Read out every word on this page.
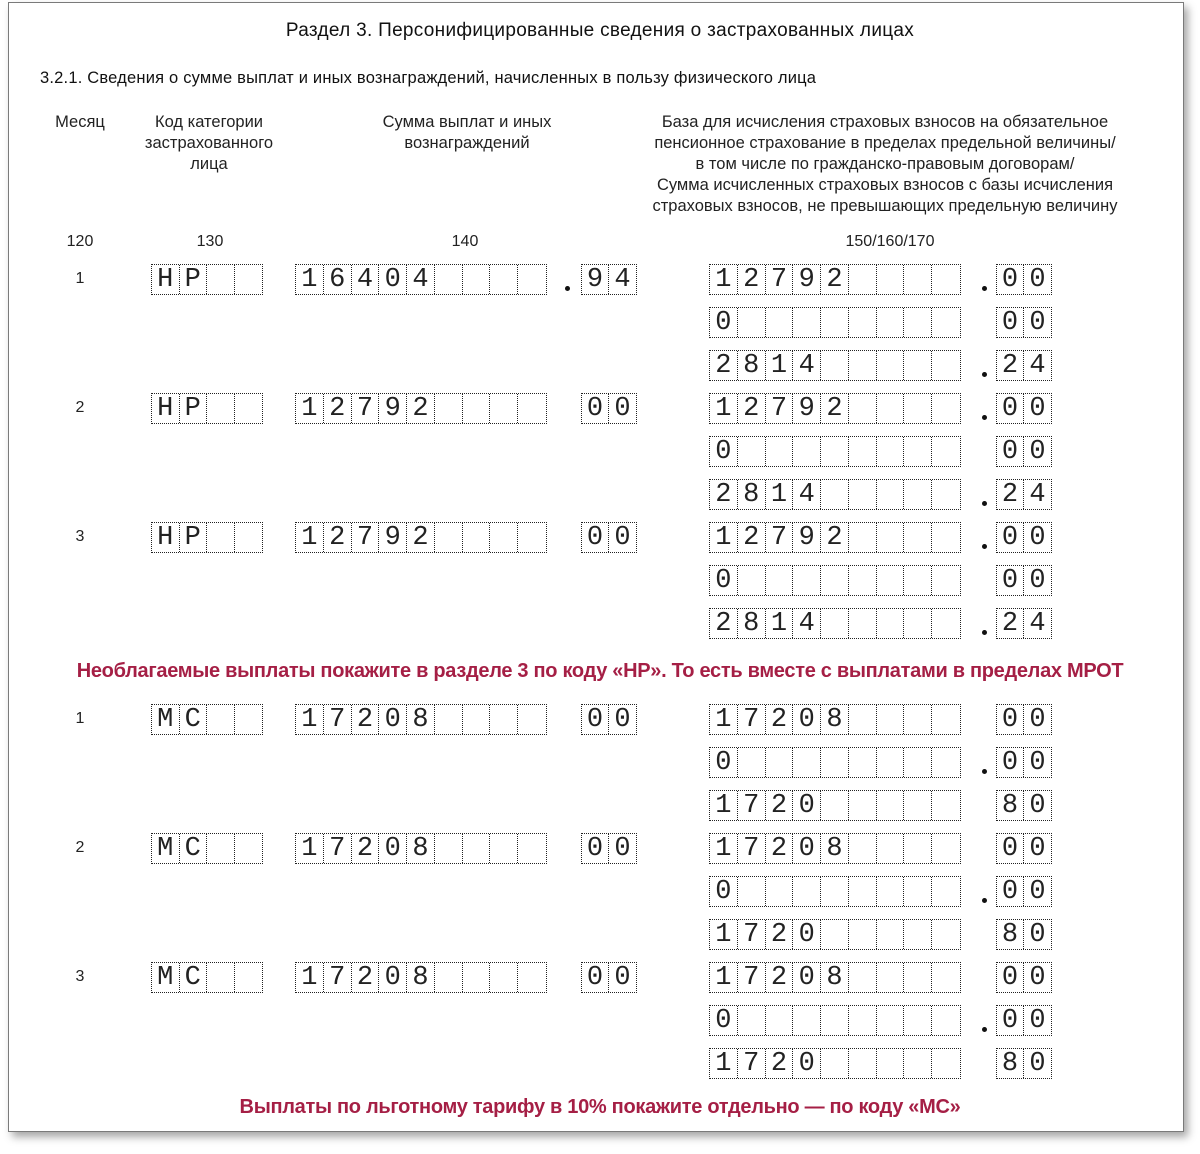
Раздел 3. Персонифицированные сведения о застрахованных лицах
3.2.1. Сведения о сумме выплат и иных вознаграждений, начисленных в пользу физического лица
Месяц	Код категории застрахованного лица
Сумма выплат и иных вознаграждений
База для исчисления страховых взносов на обязательное
пенсионное страхование в пределах предельной величины/
в том числе по гражданско-правовым договорам/
Сумма исчисленных страховых взносов с базы исчисления
страховых взносов, не превышающих предельную величину
120	130	140	150/160/170
1	Н Р	1 6 4 0 4	9 4	1 2 7 9 2	0 0
0	0 0
2 8 1 4	2 4
2	Н Р	1 2 7 9 2	0 0	1 2 7 9 2	0 0
0	0 0
2 8 1 4	2 4
3	Н Р	1 2 7 9 2	0 0	1 2 7 9 2	0 0
0	0 0
2 8 1 4	2 4
1	М С	1 7 2 0 8	0 0	1 7 2 0 8	0 0
0	0 0
1 7 2 0	8 0
2	М С	1 7 2 0 8	0 0	1 7 2 0 8	0 0
0	0 0
1 7 2 0	8 0
3	М С	1 7 2 0 8	0 0	1 7 2 0 8	0 0
0	0 0
1 7 2 0	8 0
Необлагаемые выплаты покажите в разделе 3 по коду «НР». То есть вместе с выплатами в пределах МРОТ
Выплаты по льготному тарифу в 10% покажите отдельно — по коду «МС»
